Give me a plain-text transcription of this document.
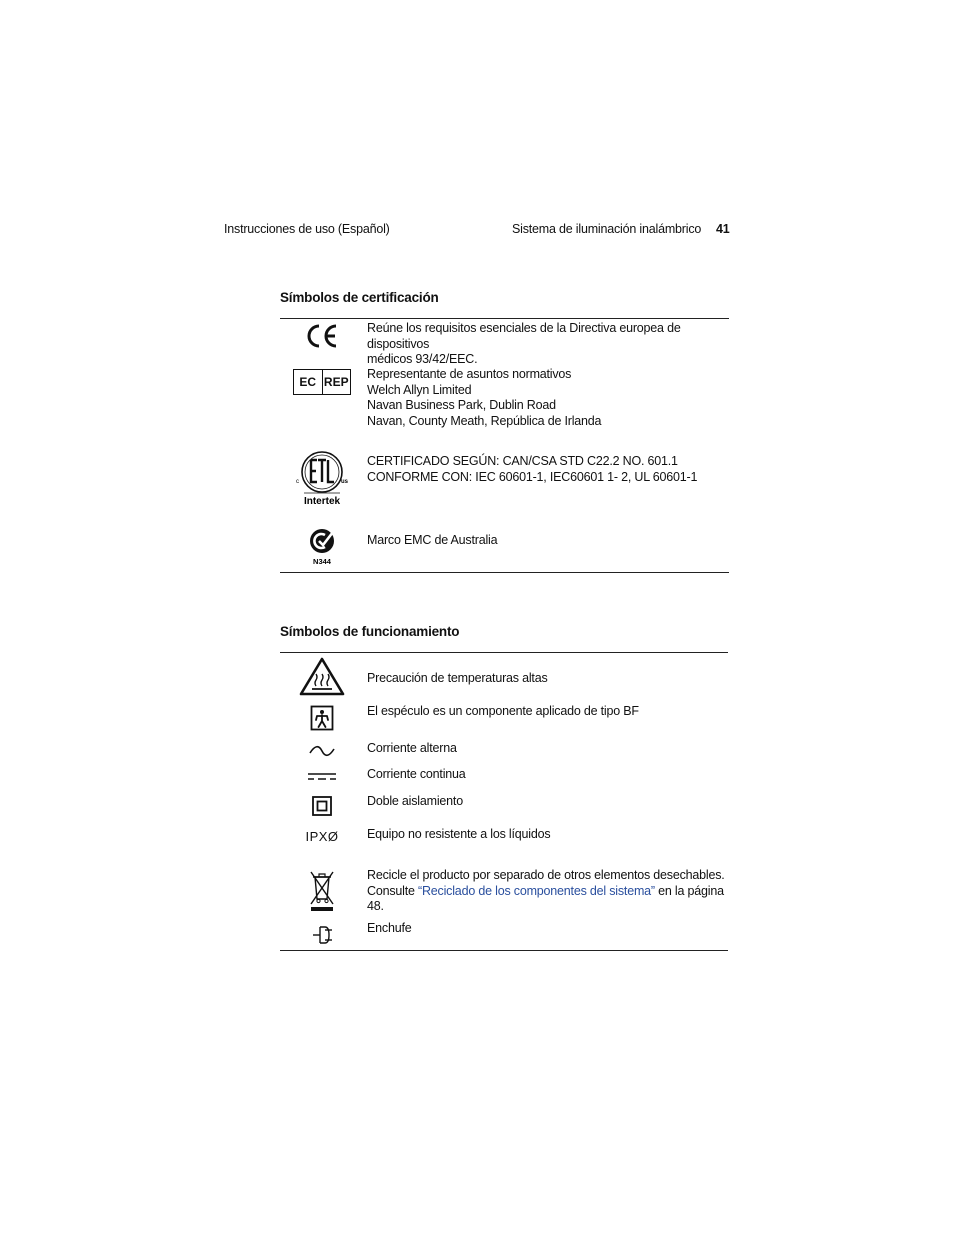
Instrucciones de uso (Español)	Sistema de iluminación inalámbrico 41
Símbolos de certificación
Reúne los requisitos esenciales de la Directiva europea de dispositivos
médicos 93/42/EEC.
EC REP
Representante de asuntos normativos
Welch Allyn Limited
Navan Business Park, Dublin Road
Navan, County Meath, República de Irlanda
c	us
Intertek
CERTIFICADO SEGÚN: CAN/CSA STD C22.2 NO. 601.1
CONFORME CON: IEC 60601-1, IEC60601 1- 2, UL 60601-1
N344
Marco EMC de Australia
Símbolos de funcionamiento
Precaución de temperaturas altas
El espéculo es un componente aplicado de tipo BF
Corriente alterna
Corriente continua
Doble aislamiento
IPXØ Equipo no resistente a los líquidos
Recicle el producto por separado de otros elementos desechables.
Consulte “Reciclado de los componentes del sistema” en la página 48.
Enchufe
